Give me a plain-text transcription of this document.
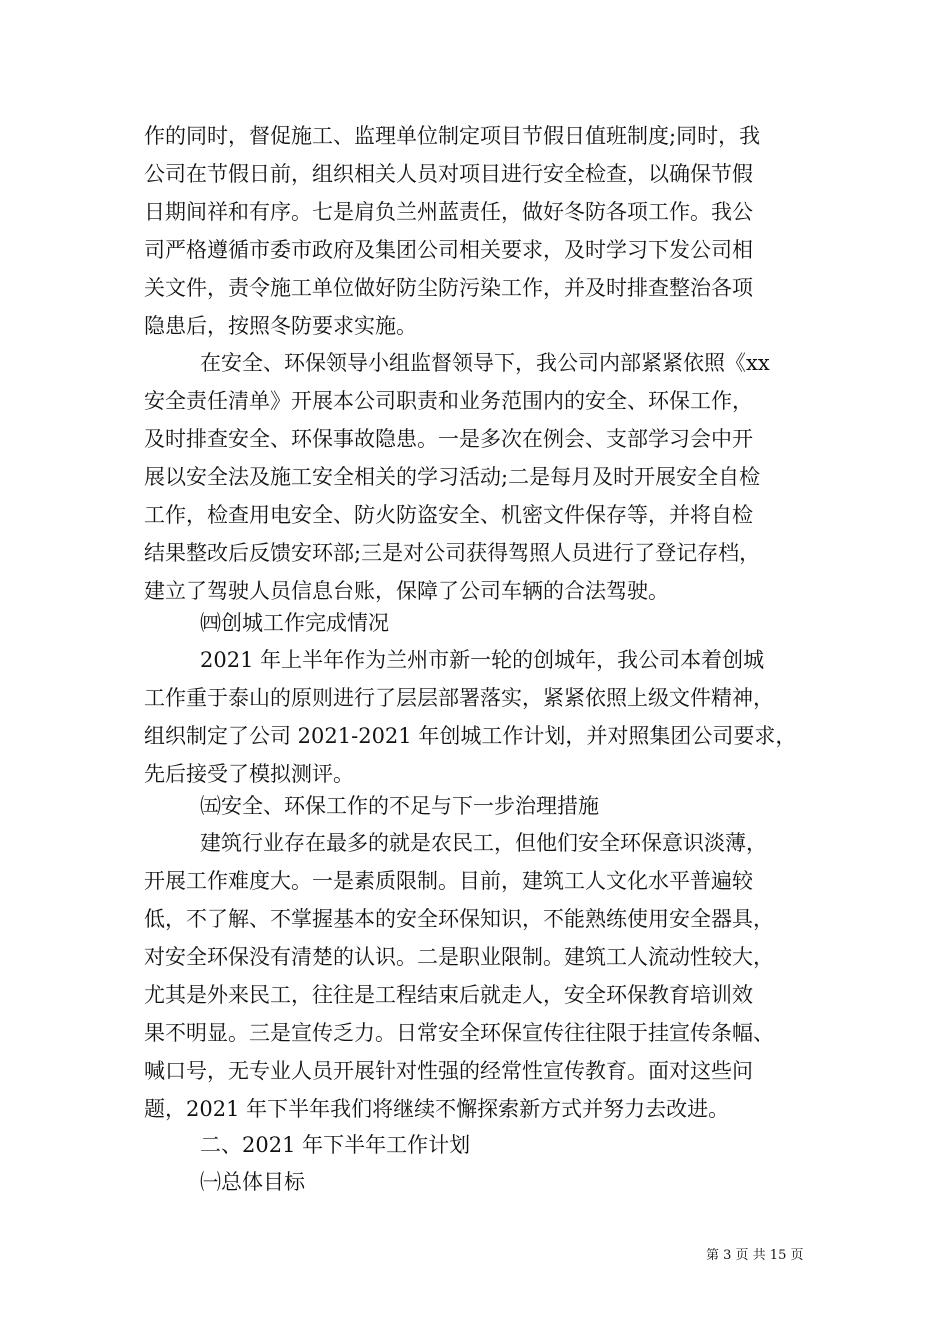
作的同时，督促施工、监理单位制定项目节假日值班制度;同时，我
公司在节假日前，组织相关人员对项目进行安全检查，以确保节假
日期间祥和有序。七是肩负兰州蓝责任，做好冬防各项工作。我公
司严格遵循市委市政府及集团公司相关要求，及时学习下发公司相
关文件，责令施工单位做好防尘防污染工作，并及时排查整治各项
隐患后，按照冬防要求实施。
在安全、环保领导小组监督领导下，我公司内部紧紧依照《xx
安全责任清单》开展本公司职责和业务范围内的安全、环保工作，
及时排查安全、环保事故隐患。一是多次在例会、支部学习会中开
展以安全法及施工安全相关的学习活动;二是每月及时开展安全自检
工作，检查用电安全、防火防盗安全、机密文件保存等，并将自检
结果整改后反馈安环部;三是对公司获得驾照人员进行了登记存档，
建立了驾驶人员信息台账，保障了公司车辆的合法驾驶。
㈣创城工作完成情况
2021 年上半年作为兰州市新一轮的创城年，我公司本着创城
工作重于泰山的原则进行了层层部署落实，紧紧依照上级文件精神，
组织制定了公司 2021-2021 年创城工作计划，并对照集团公司要求，
先后接受了模拟测评。
㈤安全、环保工作的不足与下一步治理措施
建筑行业存在最多的就是农民工，但他们安全环保意识淡薄，
开展工作难度大。一是素质限制。目前，建筑工人文化水平普遍较
低，不了解、不掌握基本的安全环保知识，不能熟练使用安全器具，
对安全环保没有清楚的认识。二是职业限制。建筑工人流动性较大，
尤其是外来民工，往往是工程结束后就走人，安全环保教育培训效
果不明显。三是宣传乏力。日常安全环保宣传往往限于挂宣传条幅、
喊口号，无专业人员开展针对性强的经常性宣传教育。面对这些问
题，2021 年下半年我们将继续不懈探索新方式并努力去改进。
二、2021 年下半年工作计划
㈠总体目标
第 3 页 共 15 页
